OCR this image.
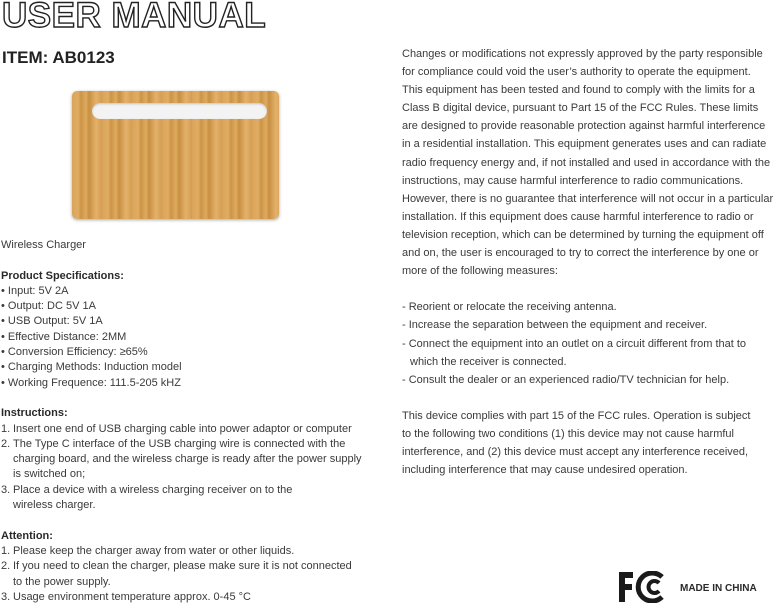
USER MANUAL
ITEM: AB0123
Wireless Charger
Product Specifications:
• Input: 5V 2A
• Output: DC 5V 1A
• USB Output: 5V 1A
• Effective Distance: 2MM
• Conversion Efficiency: ≥65%
• Charging Methods: Induction model
• Working Frequence: 111.5-205 kHZ
Instructions:
1. Insert one end of USB charging cable into power adaptor or computer
2. The Type C interface of the USB charging wire is connected with the
charging board, and the wireless charge is ready after the power supply
is switched on;
3. Place a device with a wireless charging receiver on to the
wireless charger.
Attention:
1. Please keep the charger away from water or other liquids.
2. If you need to clean the charger, please make sure it is not connected
to the power supply.
3. Usage environment temperature approx. 0-45 °C
Changes or modifications not expressly approved by the party responsible
for compliance could void the user’s authority to operate the equipment.
This equipment has been tested and found to comply with the limits for a
Class B digital device, pursuant to Part 15 of the FCC Rules. These limits
are designed to provide reasonable protection against harmful interference
in a residential installation. This equipment generates uses and can radiate
radio frequency energy and, if not installed and used in accordance with the
instructions, may cause harmful interference to radio communications.
However, there is no guarantee that interference will not occur in a particular
installation. If this equipment does cause harmful interference to radio or
television reception, which can be determined by turning the equipment off
and on, the user is encouraged to try to correct the interference by one or
more of the following measures:
- Reorient or relocate the receiving antenna.
- Increase the separation between the equipment and receiver.
- Connect the equipment into an outlet on a circuit different from that to
which the receiver is connected.
- Consult the dealer or an experienced radio/TV technician for help.
This device complies with part 15 of the FCC rules. Operation is subject
to the following two conditions (1) this device may not cause harmful
interference, and (2) this device must accept any interference received,
including interference that may cause undesired operation.
MADE IN CHINA
